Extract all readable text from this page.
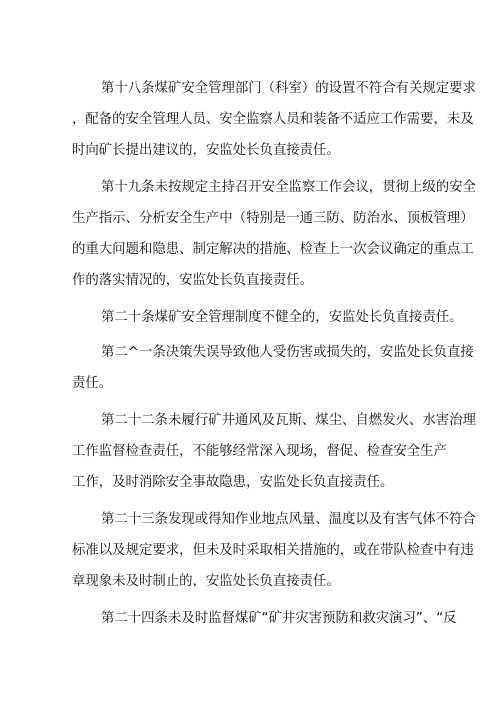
第十八条煤矿安全管理部门（科室）的设置不符合有关规定要求
，配备的安全管理人员、安全监察人员和装备不适应工作需要，未及
时向矿长提出建议的，安监处长负直接责任。
第十九条未按规定主持召开安全监察工作会议，贯彻上级的安全
生产指示、分析安全生产中（特别是一通三防、防治水、顶板管理）
的重大问题和隐患、制定解决的措施、检查上一次会议确定的重点工
作的落实情况的，安监处长负直接责任。
第二十条煤矿安全管理制度不健全的，安监处长负直接责任。
第二^一条决策失误导致他人受伤害或损失的，安监处长负直接
责任。
第二十二条未履行矿井通风及瓦斯、煤尘、自燃发火、水害治理
工作监督检查责任，不能够经常深入现场，督促、检查安全生产
工作，及时消除安全事故隐患，安监处长负直接责任。
第二十三条发现或得知作业地点风量、温度以及有害气体不符合
标准以及规定要求，但未及时采取相关措施的，或在带队检查中有违
章现象未及时制止的，安监处长负直接责任。
第二十四条未及时监督煤矿“矿井灾害预防和救灾演习”、“反
